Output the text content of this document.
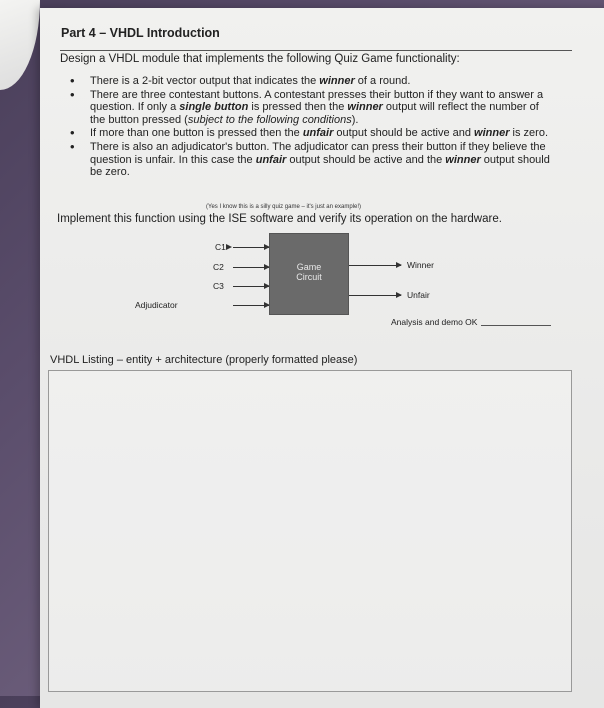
Part 4 – VHDL Introduction
Design a VHDL module that implements the following Quiz Game functionality:
• There is a 2-bit vector output that indicates the winner of a round.
• There are three contestant buttons. A contestant presses their button if they want to answer a question. If only a single button is pressed then the winner output will reflect the number of the button pressed (subject to the following conditions).
• If more than one button is pressed then the unfair output should be active and winner is zero.
• There is also an adjudicator's button. The adjudicator can press their button if they believe the question is unfair. In this case the unfair output should be active and the winner output should be zero.
(Yes I know this is a silly quiz game – it's just an example!)
Implement this function using the ISE software and verify its operation on the hardware.
C1
C2
C3
Adjudicator
Game
Circuit
Winner
Unfair
Analysis and demo OK
VHDL Listing – entity + architecture (properly formatted please)
